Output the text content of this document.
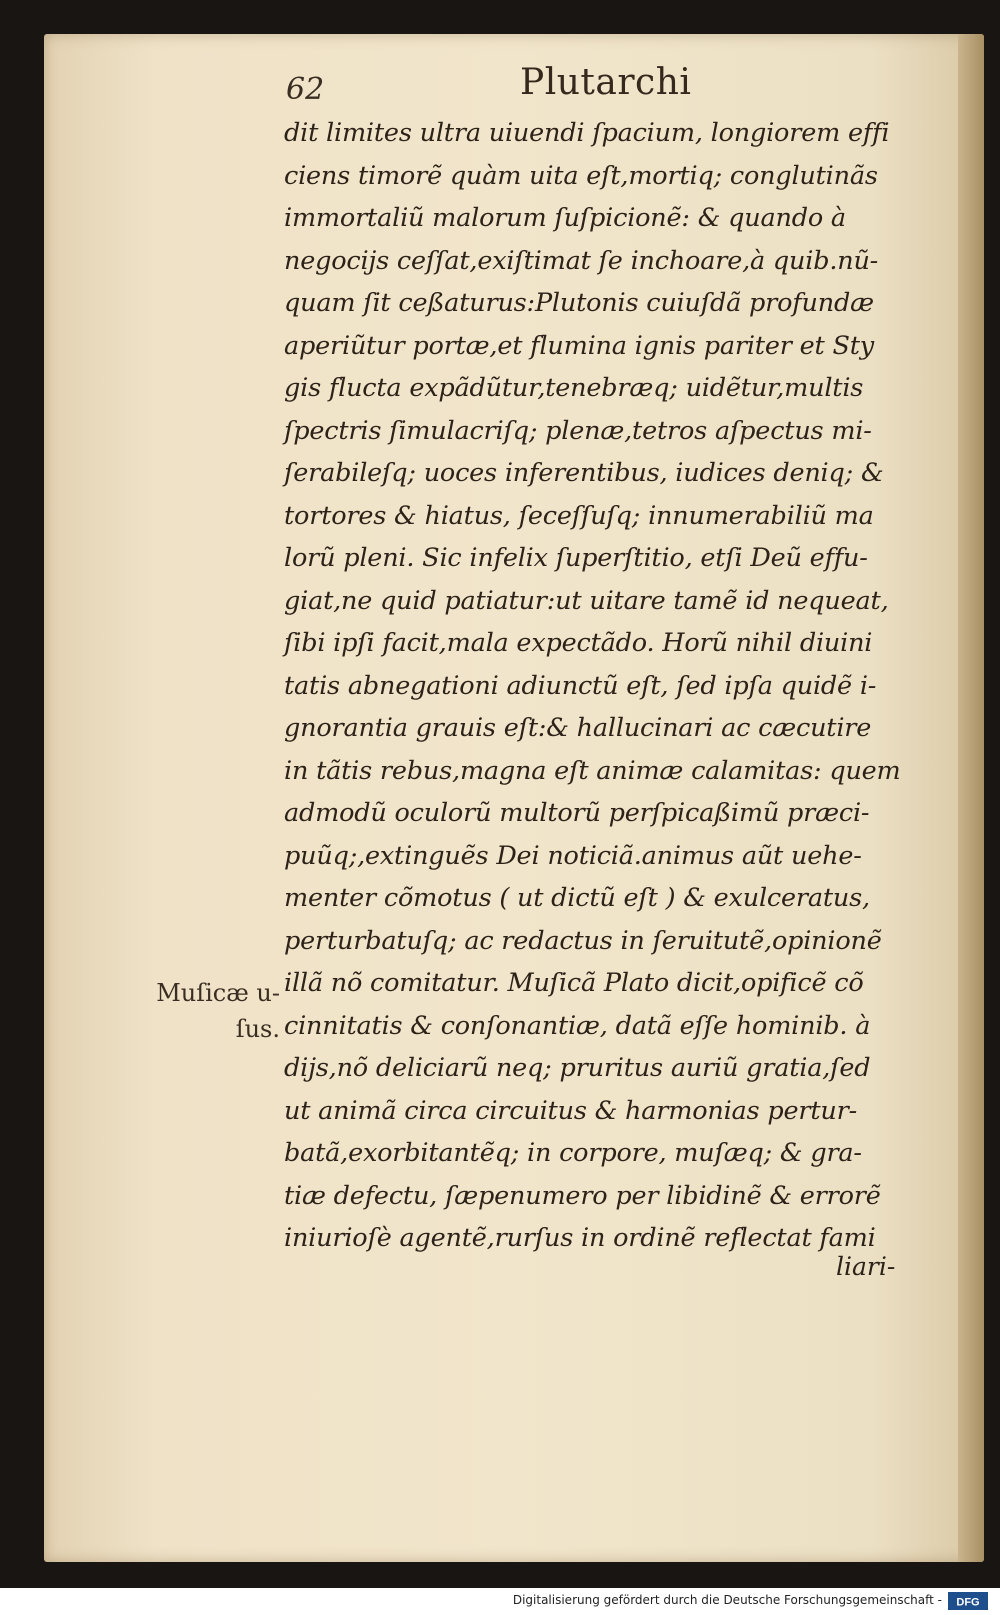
62	Plutarchi
dit limites ultra uiuendi ſpacium, longiorem effi
ciens timorẽ quàm uita eſt,mortiq; conglutinãs
immortaliũ malorum ſuſpicionẽ: & quando à
negocijs ceſſat,exiſtimat ſe inchoare,à quib.nũ-
quam ſit ceßaturus:Plutonis cuiuſdã profundæ
aperiũtur portæ,et flumina ignis pariter et Sty
gis flucta expãdũtur,tenebræq; uidẽtur,multis
ſpectris ſimulacriſq; plenæ,tetros aſpectus mi-
ſerabileſq; uoces inferentibus, iudices deniq; &
tortores & hiatus, ſeceſſuſq; innumerabiliũ ma
lorũ pleni. Sic infelix ſuperſtitio, etſi Deũ effu-
giat,ne quid patiatur:ut uitare tamẽ id nequeat,
ſibi ipſi facit,mala expectãdo. Horũ nihil diuini
tatis abnegationi adiunctũ eſt, ſed ipſa quidẽ i-
gnorantia grauis eſt:& hallucinari ac cæcutire
in tãtis rebus,magna eſt animæ calamitas: quem
admodũ oculorũ multorũ perſpicaßimũ præci-
puũq;,extinguẽs Dei noticiã.animus aũt uehe-
menter cõmotus ( ut dictũ eſt ) & exulceratus,
perturbatuſq; ac redactus in ſeruitutẽ,opinionẽ
illã nõ comitatur. Muſicã Plato dicit,opificẽ cõ
cinnitatis & conſonantiæ, datã eſſe hominib. à
dijs,nõ deliciarũ neq; pruritus auriũ gratia,ſed
ut animã circa circuitus & harmonias pertur-
batã,exorbitantẽq; in corpore, muſæq; & gra-
tiæ defectu, ſæpenumero per libidinẽ & errorẽ
iniurioſè agentẽ,rurſus in ordinẽ reflectat fami
liari-
Muſicæ u-
ſus.
Digitalisierung gefördert durch die Deutsche Forschungsgemeinschaft - DFG
